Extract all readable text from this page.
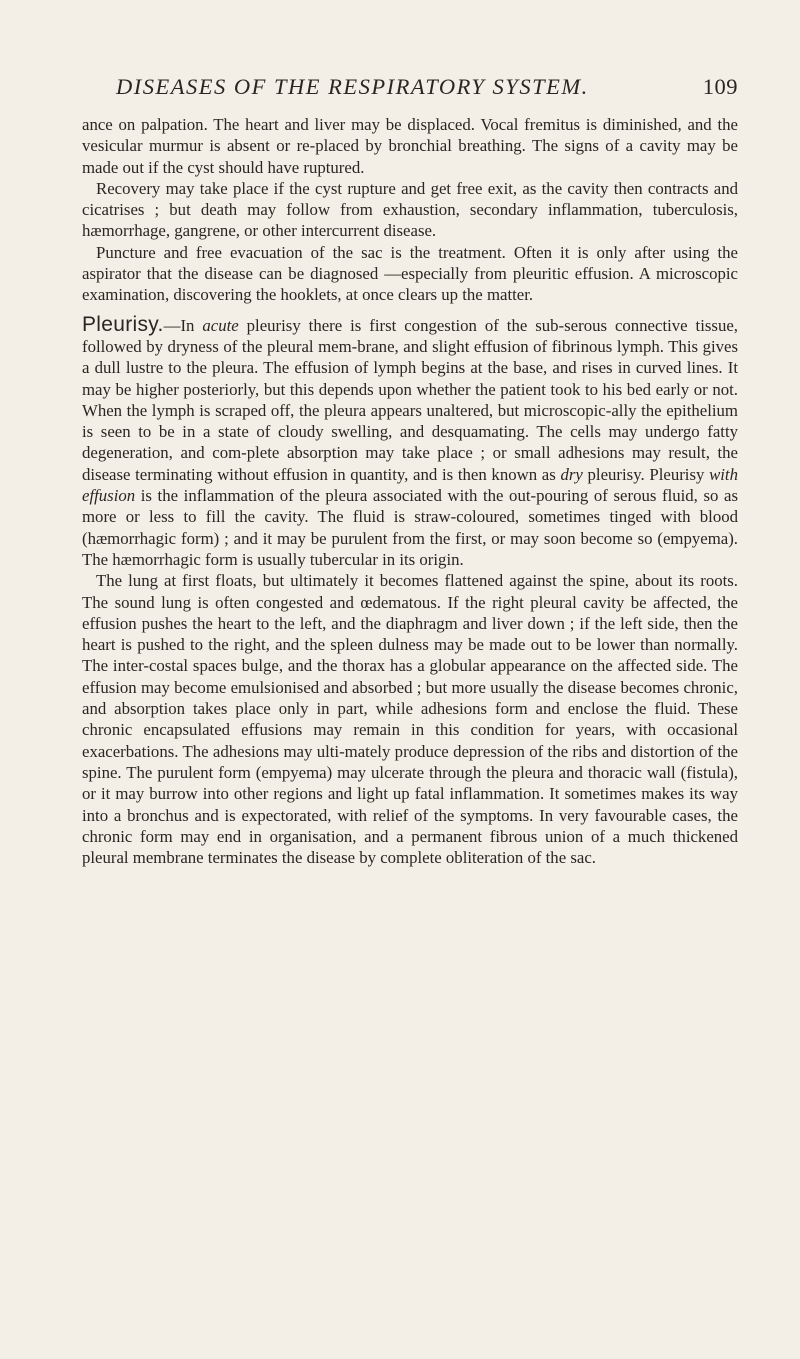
DISEASES OF THE RESPIRATORY SYSTEM.	109

ance on palpation. The heart and liver may be displaced. Vocal fremitus is diminished, and the vesicular murmur is absent or re-placed by bronchial breathing. The signs of a cavity may be made out if the cyst should have ruptured.

Recovery may take place if the cyst rupture and get free exit, as the cavity then contracts and cicatrises ; but death may follow from exhaustion, secondary inflammation, tuberculosis, hæmorrhage, gangrene, or other intercurrent disease.

Puncture and free evacuation of the sac is the treatment. Often it is only after using the aspirator that the disease can be diagnosed —especially from pleuritic effusion. A microscopic examination, discovering the hooklets, at once clears up the matter.

Pleurisy.—In acute pleurisy there is first congestion of the sub-serous connective tissue, followed by dryness of the pleural mem-brane, and slight effusion of fibrinous lymph. This gives a dull lustre to the pleura. The effusion of lymph begins at the base, and rises in curved lines. It may be higher posteriorly, but this depends upon whether the patient took to his bed early or not. When the lymph is scraped off, the pleura appears unaltered, but microscopic-ally the epithelium is seen to be in a state of cloudy swelling, and desquamating. The cells may undergo fatty degeneration, and com-plete absorption may take place ; or small adhesions may result, the disease terminating without effusion in quantity, and is then known as dry pleurisy. Pleurisy with effusion is the inflammation of the pleura associated with the out-pouring of serous fluid, so as more or less to fill the cavity. The fluid is straw-coloured, sometimes tinged with blood (hæmorrhagic form) ; and it may be purulent from the first, or may soon become so (empyema). The hæmorrhagic form is usually tubercular in its origin.

The lung at first floats, but ultimately it becomes flattened against the spine, about its roots. The sound lung is often congested and œdematous. If the right pleural cavity be affected, the effusion pushes the heart to the left, and the diaphragm and liver down ; if the left side, then the heart is pushed to the right, and the spleen dulness may be made out to be lower than normally. The inter-costal spaces bulge, and the thorax has a globular appearance on the affected side. The effusion may become emulsionised and absorbed ; but more usually the disease becomes chronic, and absorption takes place only in part, while adhesions form and enclose the fluid. These chronic encapsulated effusions may remain in this condition for years, with occasional exacerbations. The adhesions may ulti-mately produce depression of the ribs and distortion of the spine. The purulent form (empyema) may ulcerate through the pleura and thoracic wall (fistula), or it may burrow into other regions and light up fatal inflammation. It sometimes makes its way into a bronchus and is expectorated, with relief of the symptoms. In very favourable cases, the chronic form may end in organisation, and a permanent fibrous union of a much thickened pleural membrane terminates the disease by complete obliteration of the sac.
